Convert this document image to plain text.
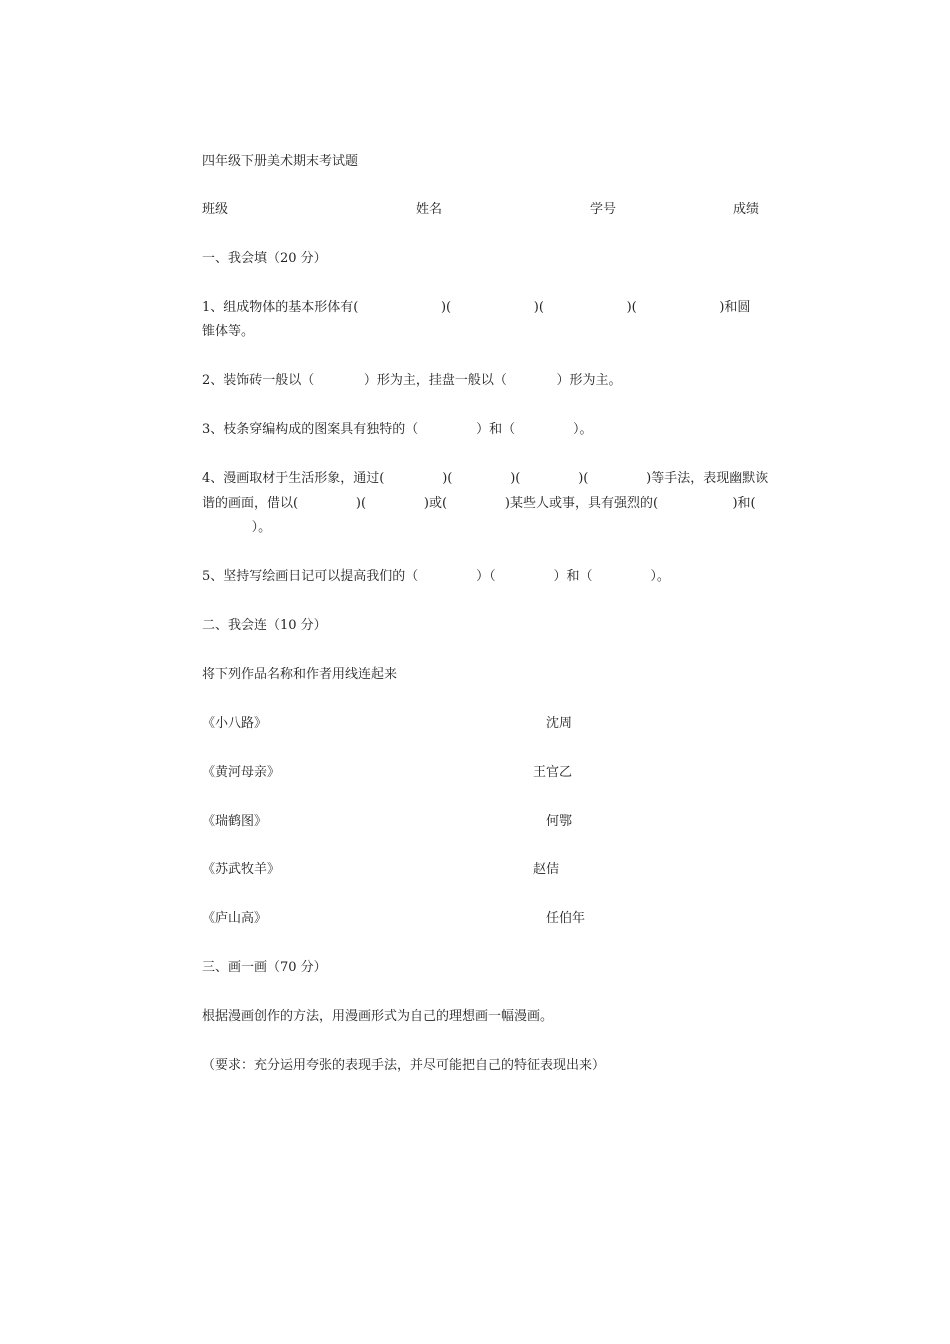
四年级下册美术期末考试题
班级	姓名	学号	成绩
一、我会填（20 分）
1、组成物体的基本形体有(                    )(                    )(                    )(                    )和圆
锥体等。
2、装饰砖一般以（            ）形为主，挂盘一般以（            ）形为主。
3、枝条穿编构成的图案具有独特的（              ）和（              ）。
4、漫画取材于生活形象，通过(              )(              )(              )(              )等手法，表现幽默诙
谐的画面，借以(              )(              )或(              )某些人或事，具有强烈的(                  )和(
）。
5、坚持写绘画日记可以提高我们的（              ）（              ）和（              ）。
二、我会连（10 分）
将下列作品名称和作者用线连起来
《小八路》	沈周
《黄河母亲》	王官乙
《瑞鹤图》	何鄂
《苏武牧羊》	赵佶
《庐山高》	任伯年
三、画一画（70 分）
根据漫画创作的方法，用漫画形式为自己的理想画一幅漫画。
（要求：充分运用夸张的表现手法，并尽可能把自己的特征表现出来）
